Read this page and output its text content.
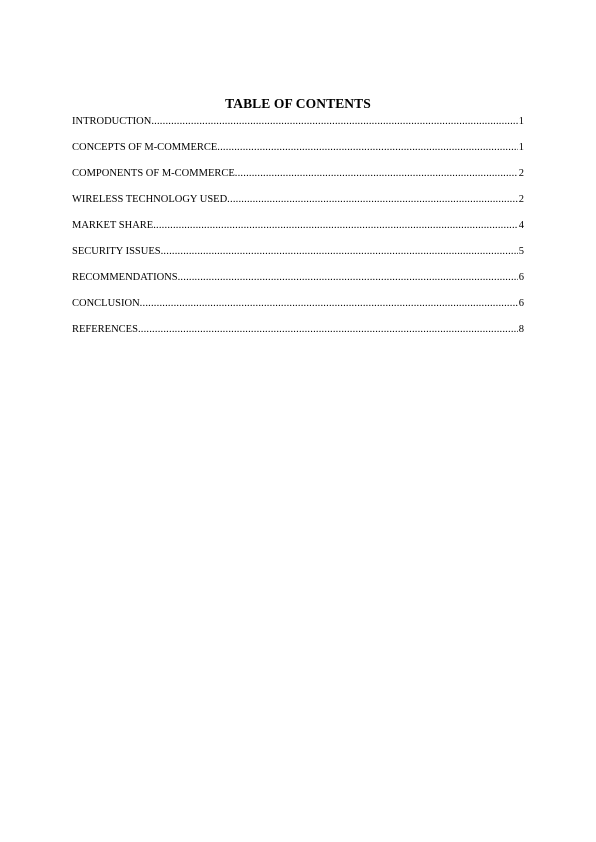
TABLE OF CONTENTS
INTRODUCTION .....	1
CONCEPTS OF M-COMMERCE .....	1
COMPONENTS OF M-COMMERCE .....	2
WIRELESS TECHNOLOGY USED .....	2
MARKET SHARE .....	4
SECURITY ISSUES .....	5
RECOMMENDATIONS .....	6
CONCLUSION .....	6
REFERENCES .....	8
